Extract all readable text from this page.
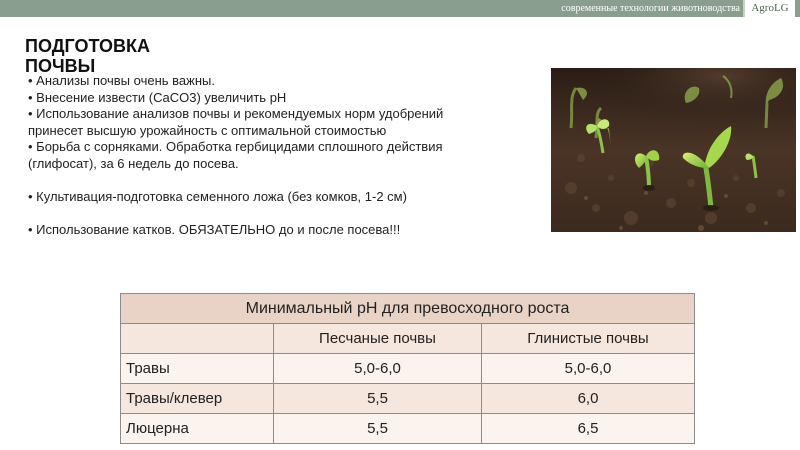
современные технологии животноводства	AgroLG
ПОДГОТОВКА ПОЧВЫ
• Анализы почвы очень важны.
• Внесение извести (CaCO3) увеличить pH
• Использование анализов почвы и рекомендуемых норм удобрений
принесет высшую урожайность с оптимальной стоимостью
• Борьба с сорняками. Обработка гербицидами сплошного действия
(глифосат), за 6 недель до посева.
• Культивация-подготовка семенного ложа (без комков, 1-2 см)
• Использование катков. ОБЯЗАТЕЛЬНО до и после посева!!!
Минимальный pH для превосходного роста		
	Песчаные почвы	Глинистые почвы
Травы	5,0-6,0	5,0-6,0
Травы/клевер	5,5	6,0
Люцерна	5,5	6,5
